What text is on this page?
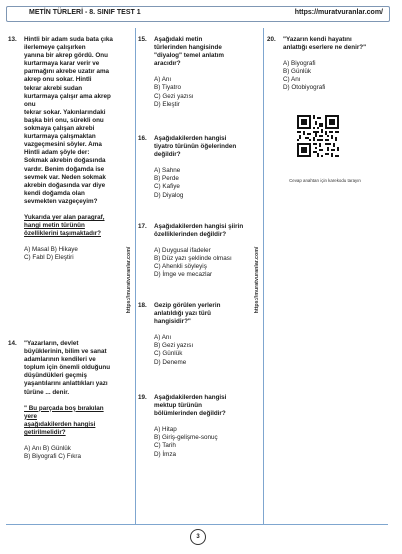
METİN TÜRLERİ - 8. SINIF TEST 1	https://muratvuranlar.com/
https://muratvuranlar.com/	https://muratvuranlar.com/
13. Hintli bir adam suda bata çıka
ilerlemeye çalışırken
yanına bir akrep gördü. Onu
kurtarmaya karar verir ve
parmağını akrebe uzatır ama
akrep onu sokar. Hintli
tekrar akrebi sudan
kurtarmaya çalışır ama akrep
onu
tekrar sokar. Yakınlarındaki
başka biri onu, sürekli onu
sokmaya çalışan akrebi
kurtarmaya çalışmaktan
vazgeçmesini söyler. Ama
Hintli adam şöyle der:
Sokmak akrebin doğasında
vardır. Benim doğamda ise
sevmek var. Neden sokmak
akrebin doğasında var diye
kendi doğamda olan
sevmekten vazgeçeyim?
Yukarıda yer alan paragraf,
hangi metin türünün
özelliklerini taşımaktadır?
A) Masal B) Hikaye
C) Fabl D) Eleştiri
14. "Yazarların, devlet
büyüklerinin, bilim ve sanat
adamlarının kendileri ve
toplum için önemli olduğunu
düşündükleri geçmiş
yaşantılarını anlattıkları yazı
türüne ... denir.
" Bu parçada boş bırakılan
yere
aşağıdakilerden hangisi
getirilmelidir?
A) Anı B) Günlük
B) Biyografi C) Fıkra
15. Aşağıdaki metin
türlerinden hangisinde
"diyalog" temel anlatım
aracıdır?
A) Anı
B) Tiyatro
C) Gezi yazısı
D) Eleştir
16. Aşağıdakilerden hangisi
tiyatro türünün öğelerinden
değildir?
A) Sahne
B) Perde
C) Kafiye
D) Diyalog
17. Aşağıdakilerden hangisi şiirin
özelliklerinden değildir?
A) Duygusal ifadeler
B) Düz yazı şeklinde olması
C) Ahenkli söyleyiş
D) İmge ve mecazlar
18. Gezip görülen yerlerin
anlatıldığı yazı türü
hangisidir?"
A) Anı
B) Gezi yazısı
C) Günlük
D) Deneme
19. Aşağıdakilerden hangisi
mektup türünün
bölümlerinden değildir?
A) Hitap
B) Giriş-gelişme-sonuç
C) Tarih
D) İmza
20. "Yazarın kendi hayatını
anlattığı eserlere ne denir?"
A) Biyografi
B) Günlük
C) Anı
D) Otobiyografi
Cevap anahtarı için karekodu tarayın
3
